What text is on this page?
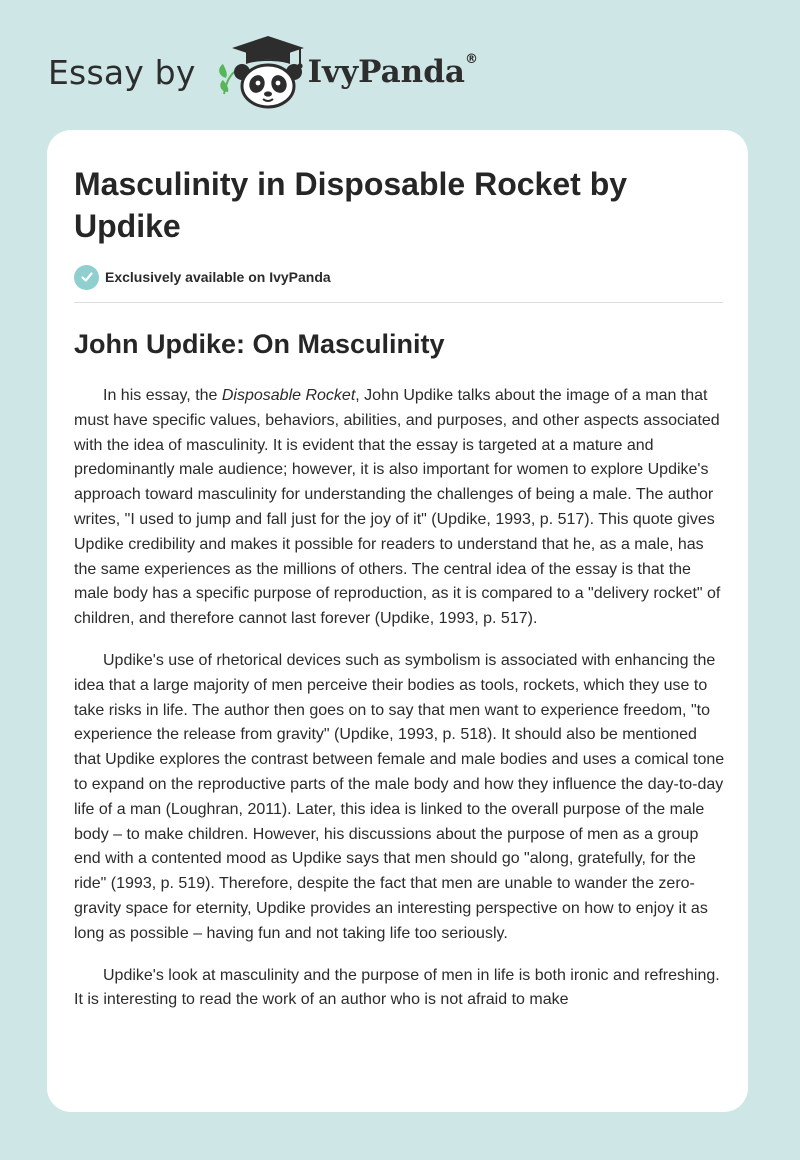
Essay by	IvyPanda®
Masculinity in Disposable Rocket by Updike
Exclusively available on IvyPanda
John Updike: On Masculinity

In his essay, the Disposable Rocket, John Updike talks about the image of a man that must have specific values, behaviors, abilities, and purposes, and other aspects associated with the idea of masculinity. It is evident that the essay is targeted at a mature and predominantly male audience; however, it is also important for women to explore Updike's approach toward masculinity for understanding the challenges of being a male. The author writes, "I used to jump and fall just for the joy of it" (Updike, 1993, p. 517). This quote gives Updike credibility and makes it possible for readers to understand that he, as a male, has the same experiences as the millions of others. The central idea of the essay is that the male body has a specific purpose of reproduction, as it is compared to a "delivery rocket" of children, and therefore cannot last forever (Updike, 1993, p. 517).

Updike's use of rhetorical devices such as symbolism is associated with enhancing the idea that a large majority of men perceive their bodies as tools, rockets, which they use to take risks in life. The author then goes on to say that men want to experience freedom, "to experience the release from gravity" (Updike, 1993, p. 518). It should also be mentioned that Updike explores the contrast between female and male bodies and uses a comical tone to expand on the reproductive parts of the male body and how they influence the day-to-day life of a man (Loughran, 2011). Later, this idea is linked to the overall purpose of the male body – to make children. However, his discussions about the purpose of men as a group end with a contented mood as Updike says that men should go "along, gratefully, for the ride" (1993, p. 519). Therefore, despite the fact that men are unable to wander the zero-gravity space for eternity, Updike provides an interesting perspective on how to enjoy it as long as possible – having fun and not taking life too seriously.

Updike's look at masculinity and the purpose of men in life is both ironic and refreshing. It is interesting to read the work of an author who is not afraid to make
